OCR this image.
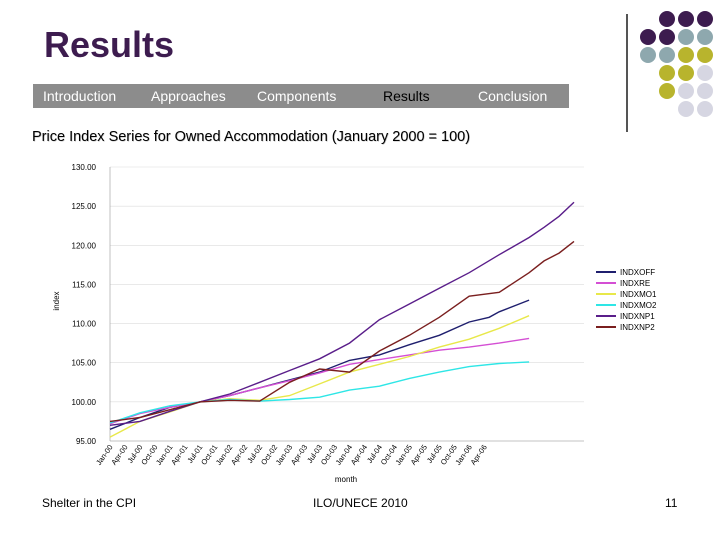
Results
Introduction Approaches Components	Results	Conclusion
Price Index Series for Owned Accommodation (January 2000 = 100)
95.00
100.00
105.00
110.00
115.00
120.00
125.00
130.00
Jan-00
Apr-00
Jul-00
Oct-00
Jan-01
Apr-01
Jul-01
Oct-01
Jan-02
Apr-02
Jul-02
Oct-02
Jan-03
Apr-03
Jul-03
Oct-03
Jan-04
Apr-04
Jul-04
Oct-04
Jan-05
Apr-05
Jul-05
Oct-05
Jan-06
Apr-06
index
month
INDXOFF
INDXRE
INDXMO1
INDXMO2
INDXNP1
INDXNP2
Shelter in the CPI	ILO/UNECE 2010	11
